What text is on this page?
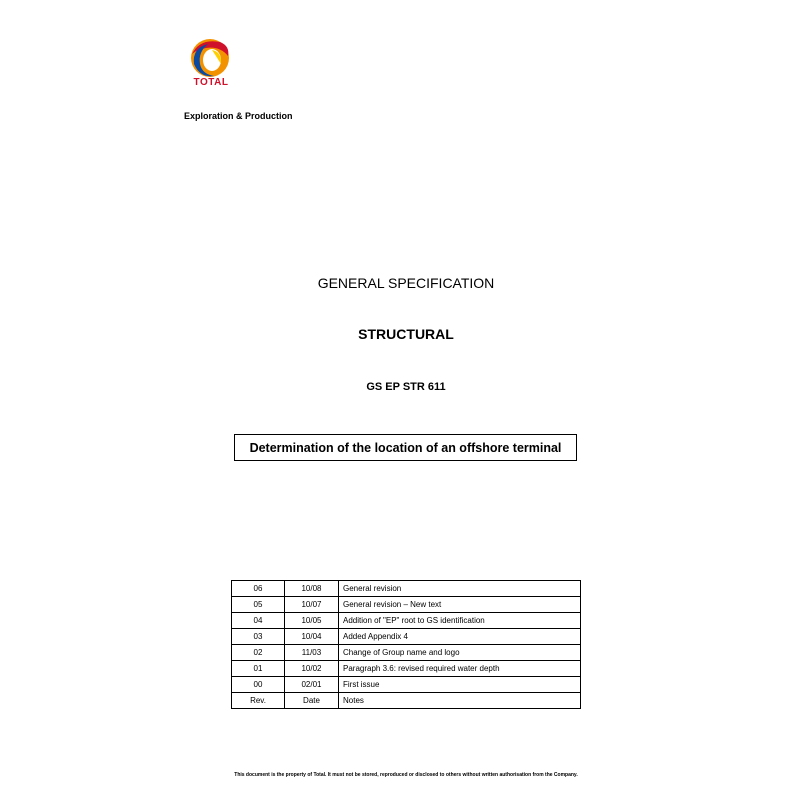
TOTAL
Exploration & Production
GENERAL SPECIFICATION
STRUCTURAL
GS EP STR 611
Determination of the location of an offshore terminal
06	10/08	General revision
05	10/07	General revision – New text
04	10/05	Addition of "EP" root to GS identification
03	10/04	Added Appendix 4
02	11/03	Change of Group name and logo
01	10/02	Paragraph 3.6: revised required water depth
00	02/01	First issue
Rev.	Date	Notes
This document is the property of Total. It must not be stored, reproduced or disclosed to others without written authorisation from the Company.
